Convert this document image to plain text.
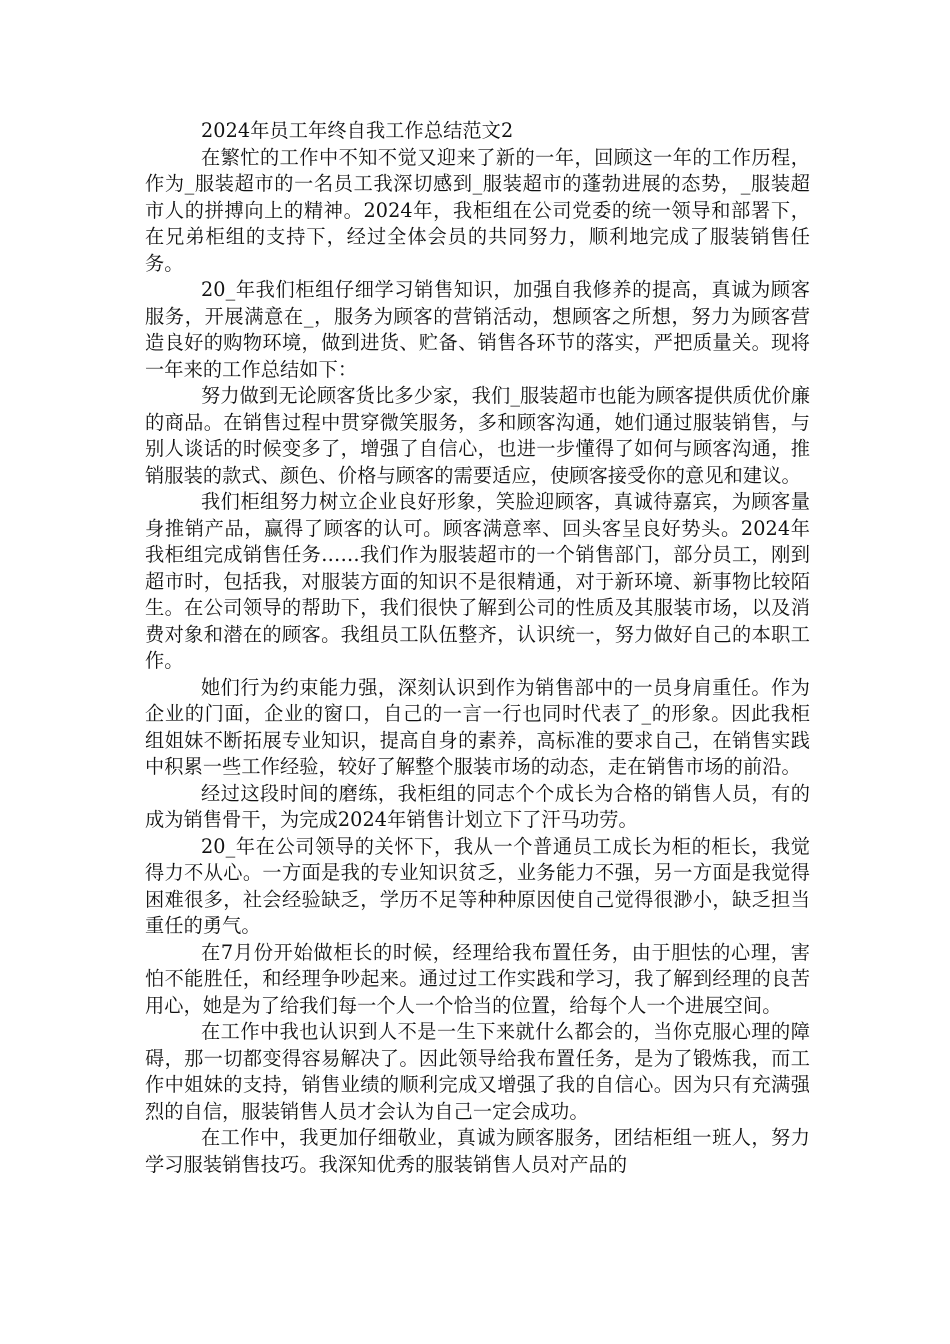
2024年员工年终自我工作总结范文2

在繁忙的工作中不知不觉又迎来了新的一年，回顾这一年的工作历程，作为_服装超市的一名员工我深切感到_服装超市的蓬勃进展的态势，_服装超市人的拼搏向上的精神。2024年，我柜组在公司党委的统一领导和部署下，在兄弟柜组的支持下，经过全体会员的共同努力，顺利地完成了服装销售任务。

20_年我们柜组仔细学习销售知识，加强自我修养的提高，真诚为顾客服务，开展满意在_，服务为顾客的营销活动，想顾客之所想，努力为顾客营造良好的购物环境，做到进货、贮备、销售各环节的落实，严把质量关。现将一年来的工作总结如下：

努力做到无论顾客货比多少家，我们_服装超市也能为顾客提供质优价廉的商品。在销售过程中贯穿微笑服务，多和顾客沟通，她们通过服装销售，与别人谈话的时候变多了，增强了自信心，也进一步懂得了如何与顾客沟通，推销服装的款式、颜色、价格与顾客的需要适应，使顾客接受你的意见和建议。

我们柜组努力树立企业良好形象，笑脸迎顾客，真诚待嘉宾，为顾客量身推销产品，赢得了顾客的认可。顾客满意率、回头客呈良好势头。2024年我柜组完成销售任务……我们作为服装超市的一个销售部门，部分员工，刚到超市时，包括我，对服装方面的知识不是很精通，对于新环境、新事物比较陌生。在公司领导的帮助下，我们很快了解到公司的性质及其服装市场，以及消费对象和潜在的顾客。我组员工队伍整齐，认识统一，努力做好自己的本职工作。

她们行为约束能力强，深刻认识到作为销售部中的一员身肩重任。作为企业的门面，企业的窗口，自己的一言一行也同时代表了_的形象。因此我柜组姐妹不断拓展专业知识，提高自身的素养，高标准的要求自己，在销售实践中积累一些工作经验，较好了解整个服装市场的动态，走在销售市场的前沿。

经过这段时间的磨练，我柜组的同志个个成长为合格的销售人员，有的成为销售骨干，为完成2024年销售计划立下了汗马功劳。

20_年在公司领导的关怀下，我从一个普通员工成长为柜的柜长，我觉得力不从心。一方面是我的专业知识贫乏，业务能力不强，另一方面是我觉得困难很多，社会经验缺乏，学历不足等种种原因使自己觉得很渺小，缺乏担当重任的勇气。

在7月份开始做柜长的时候，经理给我布置任务，由于胆怯的心理，害怕不能胜任，和经理争吵起来。通过过工作实践和学习，我了解到经理的良苦用心，她是为了给我们每一个人一个恰当的位置，给每个人一个进展空间。

在工作中我也认识到人不是一生下来就什么都会的，当你克服心理的障碍，那一切都变得容易解决了。因此领导给我布置任务，是为了锻炼我，而工作中姐妹的支持，销售业绩的顺利完成又增强了我的自信心。因为只有充满强烈的自信，服装销售人员才会认为自己一定会成功。

在工作中，我更加仔细敬业，真诚为顾客服务，团结柜组一班人，努力学习服装销售技巧。我深知优秀的服装销售人员对产品的
